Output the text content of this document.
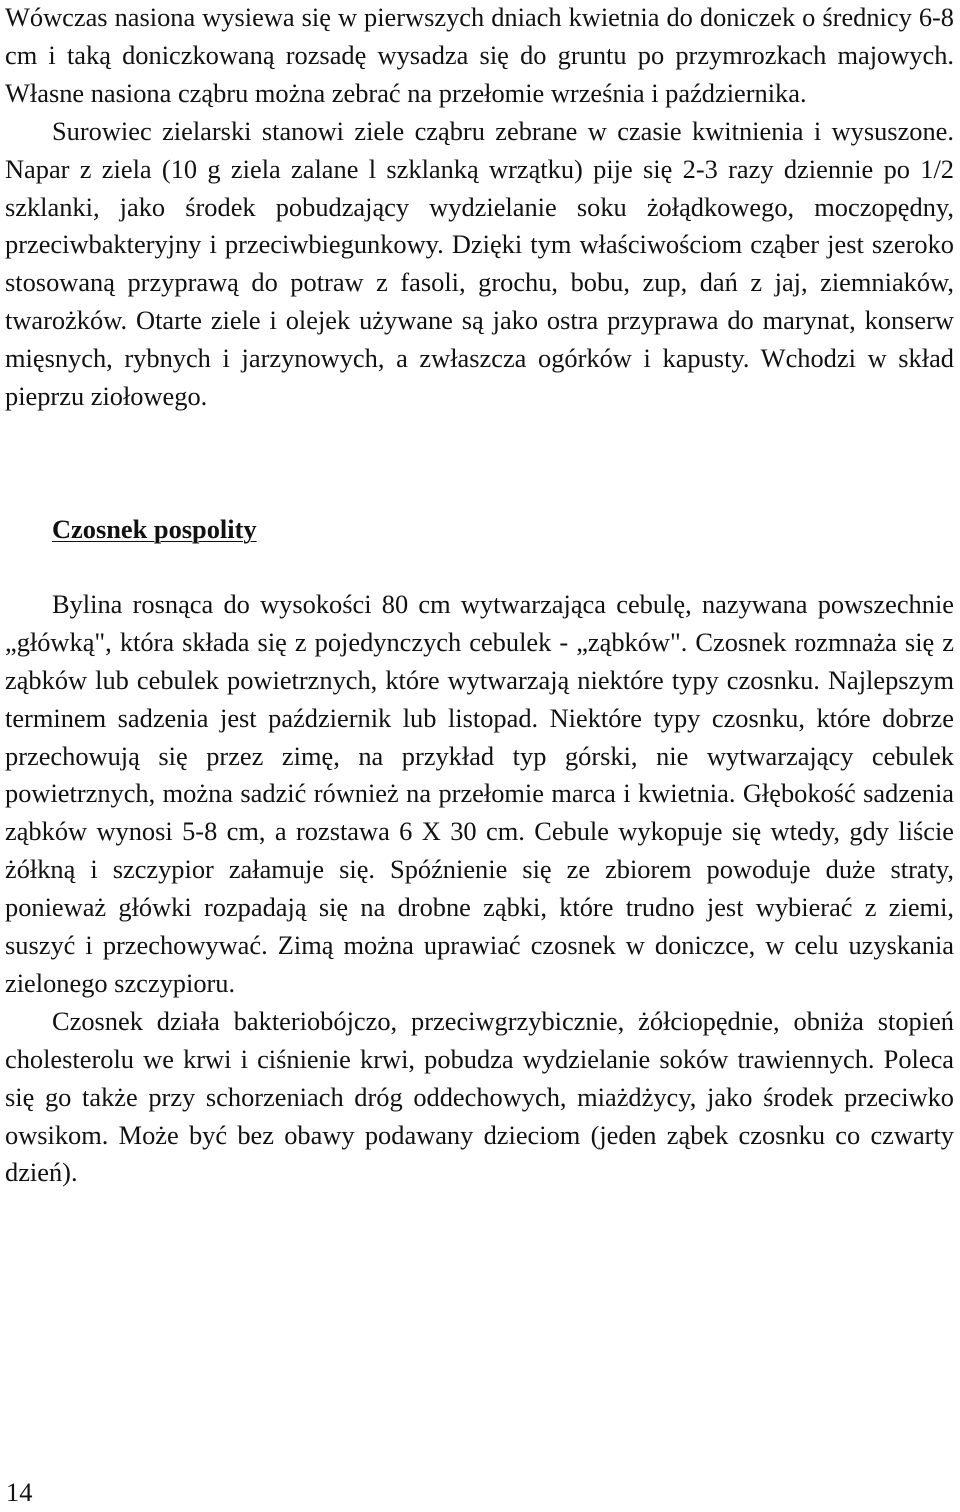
Wówczas nasiona wysiewa się w pierwszych dniach kwietnia do doniczek o średnicy 6-8 cm i taką doniczkowaną rozsadę wysadza się do gruntu po przymrozkach majowych. Własne nasiona cząbru można zebrać na przełomie września i października.

Surowiec zielarski stanowi ziele cząbru zebrane w czasie kwitnienia i wysuszone. Napar z ziela (10 g ziela zalane l szklanką wrzątku) pije się 2-3 razy dziennie po 1/2 szklanki, jako środek pobudzający wydzielanie soku żołądkowego, moczopędny, przeciwbakteryjny i przeciwbiegunkowy. Dzięki tym właściwościom cząber jest szeroko stosowaną przyprawą do potraw z fasoli, grochu, bobu, zup, dań z jaj, ziemniaków, twarożków. Otarte ziele i olejek używane są jako ostra przyprawa do marynat, konserw mięsnych, rybnych i jarzynowych, a zwłaszcza ogórków i kapusty. Wchodzi w skład pieprzu ziołowego.

Czosnek pospolity

Bylina rosnąca do wysokości 80 cm wytwarzająca cebulę, nazywana powszechnie „główką", która składa się z pojedynczych cebulek - „ząbków". Czosnek rozmnaża się z ząbków lub cebulek powietrznych, które wytwarzają niektóre typy czosnku. Najlepszym terminem sadzenia jest październik lub listopad. Niektóre typy czosnku, które dobrze przechowują się przez zimę, na przykład typ górski, nie wytwarzający cebulek powietrznych, można sadzić również na przełomie marca i kwietnia. Głębokość sadzenia ząbków wynosi 5-8 cm, a rozstawa 6 X 30 cm. Cebule wykopuje się wtedy, gdy liście żółkną i szczypior załamuje się. Spóźnienie się ze zbiorem powoduje duże straty, ponieważ główki rozpadają się na drobne ząbki, które trudno jest wybierać z ziemi, suszyć i przechowywać. Zimą można uprawiać czosnek w doniczce, w celu uzyskania zielonego szczypioru.

Czosnek działa bakteriobójczo, przeciwgrzybicznie, żółciopędnie, obniża stopień cholesterolu we krwi i ciśnienie krwi, pobudza wydzielanie soków trawiennych. Poleca się go także przy schorzeniach dróg oddechowych, miażdżycy, jako środek przeciwko owsikom. Może być bez obawy podawany dzieciom (jeden ząbek czosnku co czwarty dzień).

14
